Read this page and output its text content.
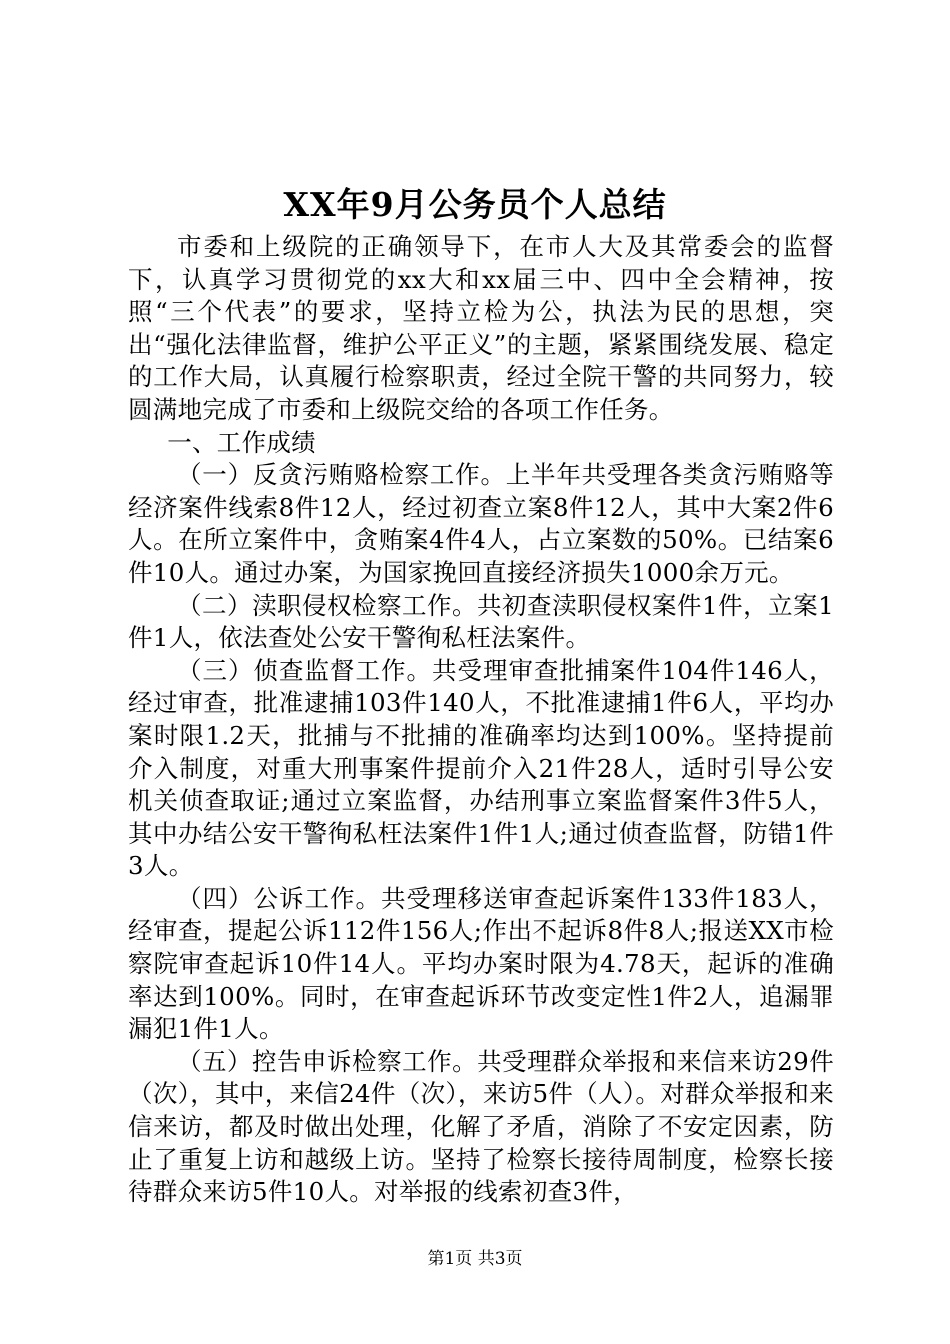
XX年9月公务员个人总结

市委和上级院的正确领导下，在市人大及其常委会的监督下，认真学习贯彻党的xx大和xx届三中、四中全会精神，按照“三个代表”的要求，坚持立检为公，执法为民的思想，突出“强化法律监督，维护公平正义”的主题，紧紧围绕发展、稳定的工作大局，认真履行检察职责，经过全院干警的共同努力，较圆满地完成了市委和上级院交给的各项工作任务。

一、工作成绩

（一）反贪污贿赂检察工作。上半年共受理各类贪污贿赂等经济案件线索8件12人，经过初查立案8件12人，其中大案2件6人。在所立案件中，贪贿案4件4人，占立案数的50%。已结案6件10人。通过办案，为国家挽回直接经济损失1000余万元。

（二）渎职侵权检察工作。共初查渎职侵权案件1件，立案1件1人，依法查处公安干警徇私枉法案件。

（三）侦查监督工作。共受理审查批捕案件104件146人，经过审查，批准逮捕103件140人，不批准逮捕1件6人，平均办案时限1.2天，批捕与不批捕的准确率均达到100%。坚持提前介入制度，对重大刑事案件提前介入21件28人，适时引导公安机关侦查取证;通过立案监督，办结刑事立案监督案件3件5人，其中办结公安干警徇私枉法案件1件1人;通过侦查监督，防错1件3人。

（四）公诉工作。共受理移送审查起诉案件133件183人，经审查，提起公诉112件156人;作出不起诉8件8人;报送XX市检察院审查起诉10件14人。平均办案时限为4.78天，起诉的准确率达到100%。同时，在审查起诉环节改变定性1件2人，追漏罪漏犯1件1人。

（五）控告申诉检察工作。共受理群众举报和来信来访29件（次），其中，来信24件（次），来访5件（人）。对群众举报和来信来访，都及时做出处理，化解了矛盾，消除了不安定因素，防止了重复上访和越级上访。坚持了检察长接待周制度，检察长接待群众来访5件10人。对举报的线索初查3件，

第1页 共3页
